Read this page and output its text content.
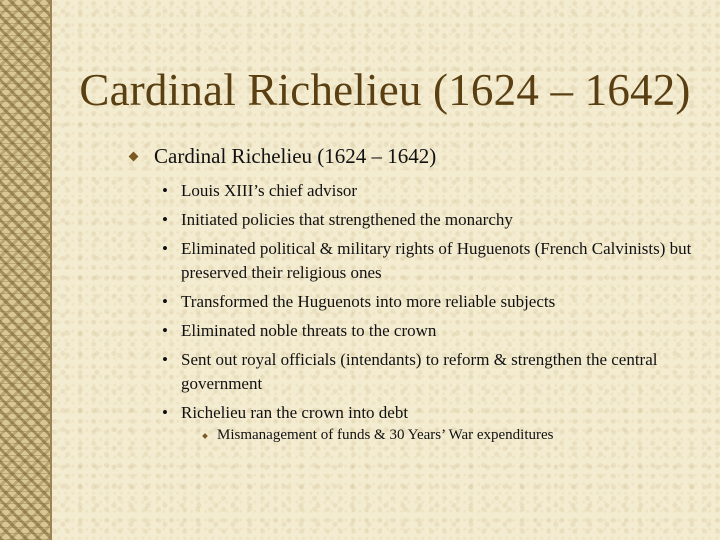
Cardinal Richelieu (1624 – 1642)
Cardinal Richelieu (1624 – 1642)
• Louis XIII’s chief advisor
• Initiated policies that strengthened the monarchy
• Eliminated political & military rights of Huguenots (French Calvinists) but preserved their religious ones
• Transformed the Huguenots into more reliable subjects
• Eliminated noble threats to the crown
• Sent out royal officials (intendants) to reform & strengthen the central government
• Richelieu ran the crown into debt
Mismanagement of funds & 30 Years’ War expenditures
